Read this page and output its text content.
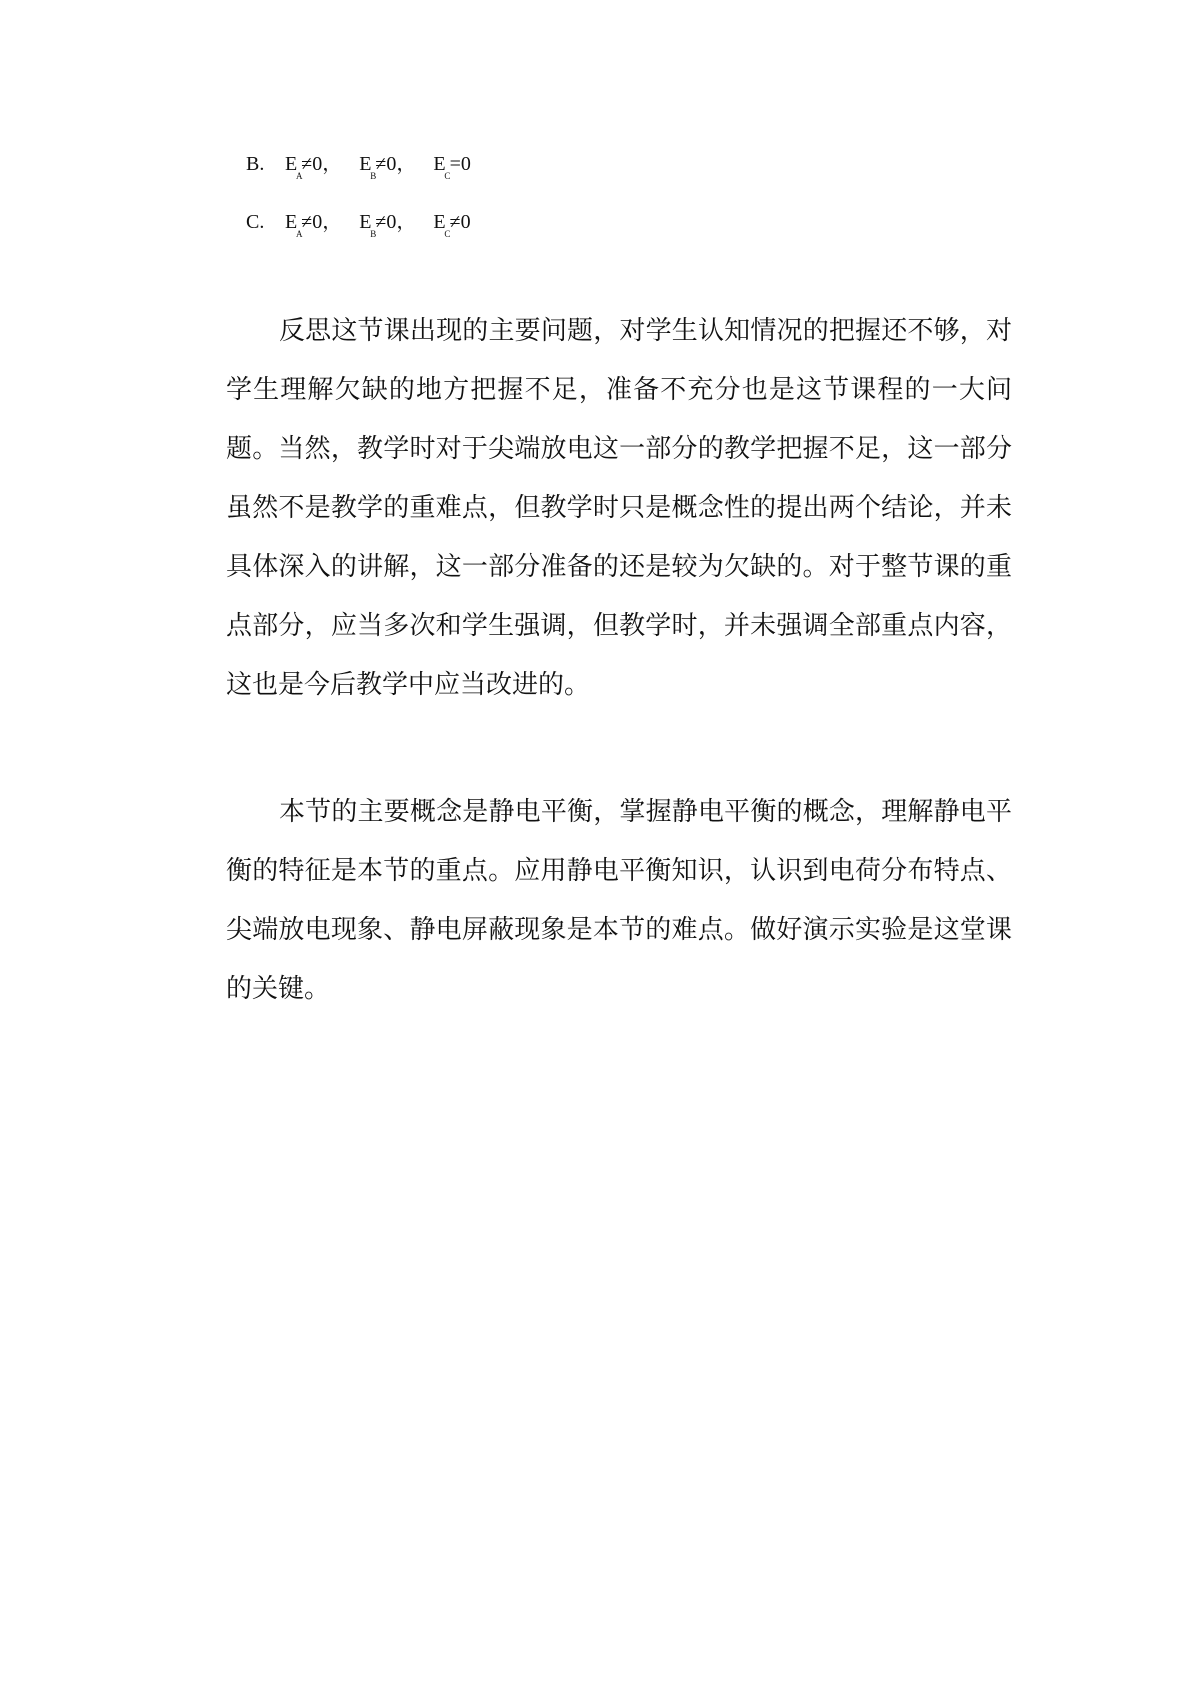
B. E
A
≠0， E
B
≠0， E
C
=0
C. E
A
≠0， E
B
≠0， E
C
≠0

反思这节课出现的主要问题，对学生认知情况的把握还不够，对学生理解欠缺的地方把握不足，准备不充分也是这节课程的一大问题。当然，教学时对于尖端放电这一部分的教学把握不足，这一部分虽然不是教学的重难点，但教学时只是概念性的提出两个结论，并未具体深入的讲解，这一部分准备的还是较为欠缺的。对于整节课的重点部分，应当多次和学生强调，但教学时，并未强调全部重点内容，这也是今后教学中应当改进的。

本节的主要概念是静电平衡，掌握静电平衡的概念，理解静电平衡的特征是本节的重点。应用静电平衡知识，认识到电荷分布特点、尖端放电现象、静电屏蔽现象是本节的难点。做好演示实验是这堂课的关键。
